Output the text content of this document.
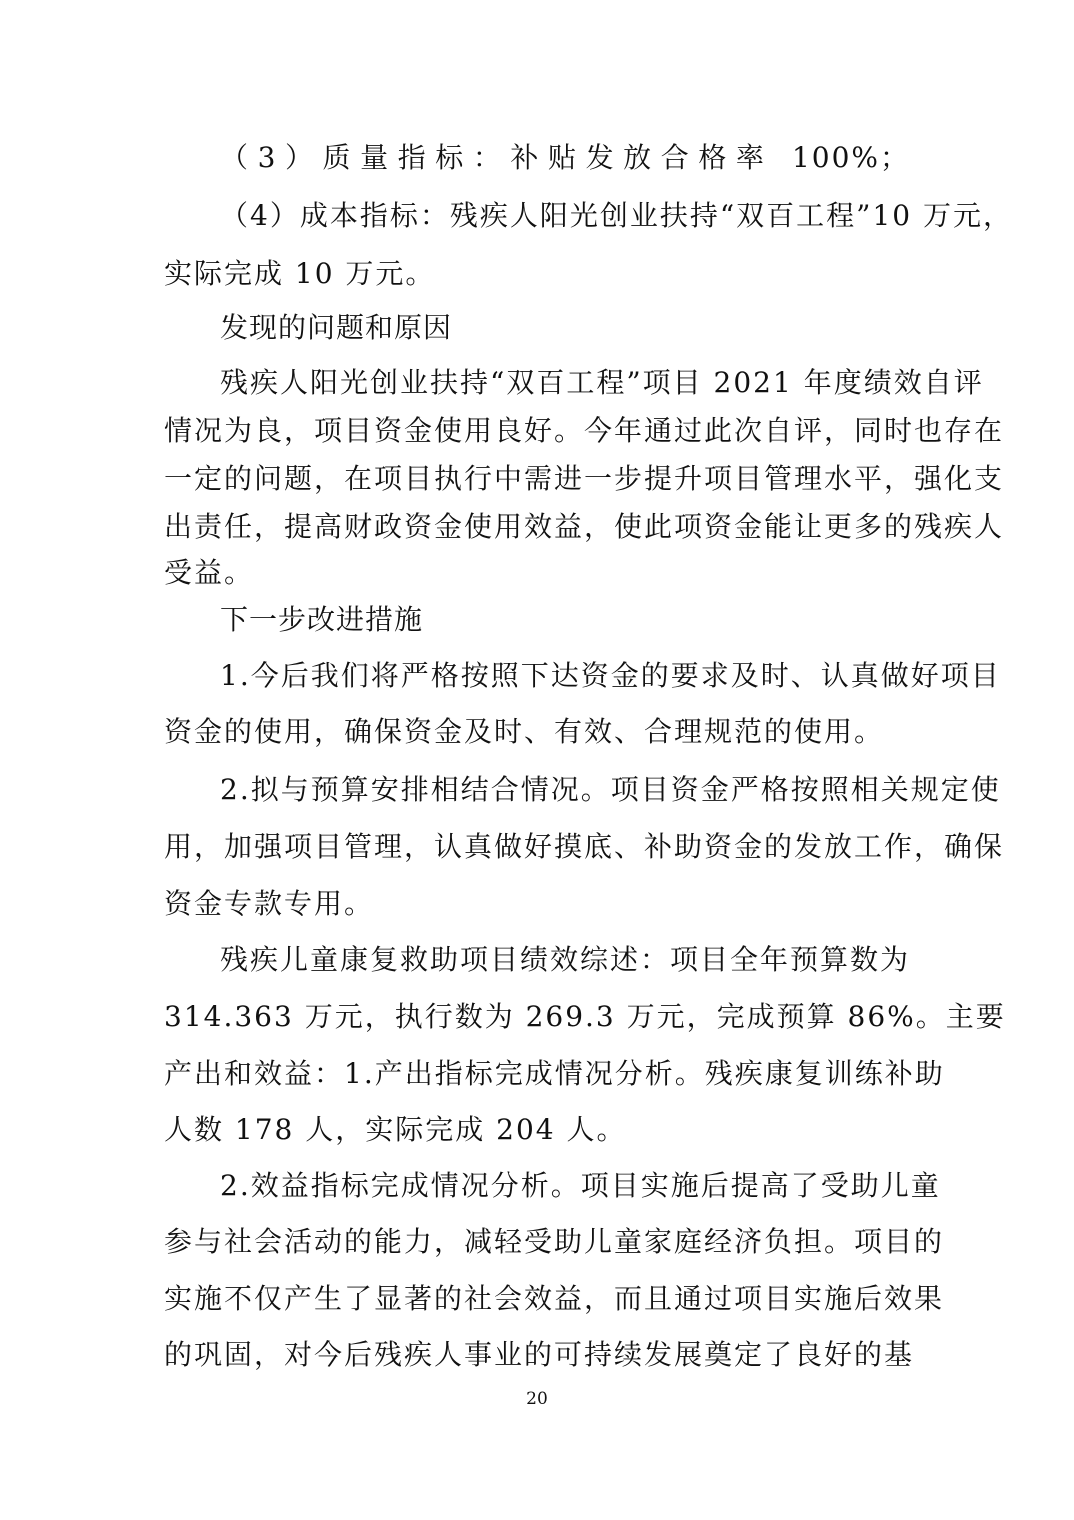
（3）质量指标：补贴发放合格率 100%；
（4）成本指标：残疾人阳光创业扶持“双百工程”10 万元，
实际完成 10 万元。
发现的问题和原因
残疾人阳光创业扶持“双百工程”项目 2021 年度绩效自评
情况为良，项目资金使用良好。今年通过此次自评，同时也存在
一定的问题，在项目执行中需进一步提升项目管理水平，强化支
出责任，提高财政资金使用效益，使此项资金能让更多的残疾人
受益。
下一步改进措施
1.今后我们将严格按照下达资金的要求及时、认真做好项目
资金的使用，确保资金及时、有效、合理规范的使用。
2.拟与预算安排相结合情况。项目资金严格按照相关规定使
用，加强项目管理，认真做好摸底、补助资金的发放工作，确保
资金专款专用。
残疾儿童康复救助项目绩效综述：项目全年预算数为
314.363 万元，执行数为 269.3 万元，完成预算 86%。主要
产出和效益：1.产出指标完成情况分析。残疾康复训练补助
人数 178 人，实际完成 204 人。
2.效益指标完成情况分析。项目实施后提高了受助儿童
参与社会活动的能力，减轻受助儿童家庭经济负担。项目的
实施不仅产生了显著的社会效益，而且通过项目实施后效果
的巩固，对今后残疾人事业的可持续发展奠定了良好的基
20
